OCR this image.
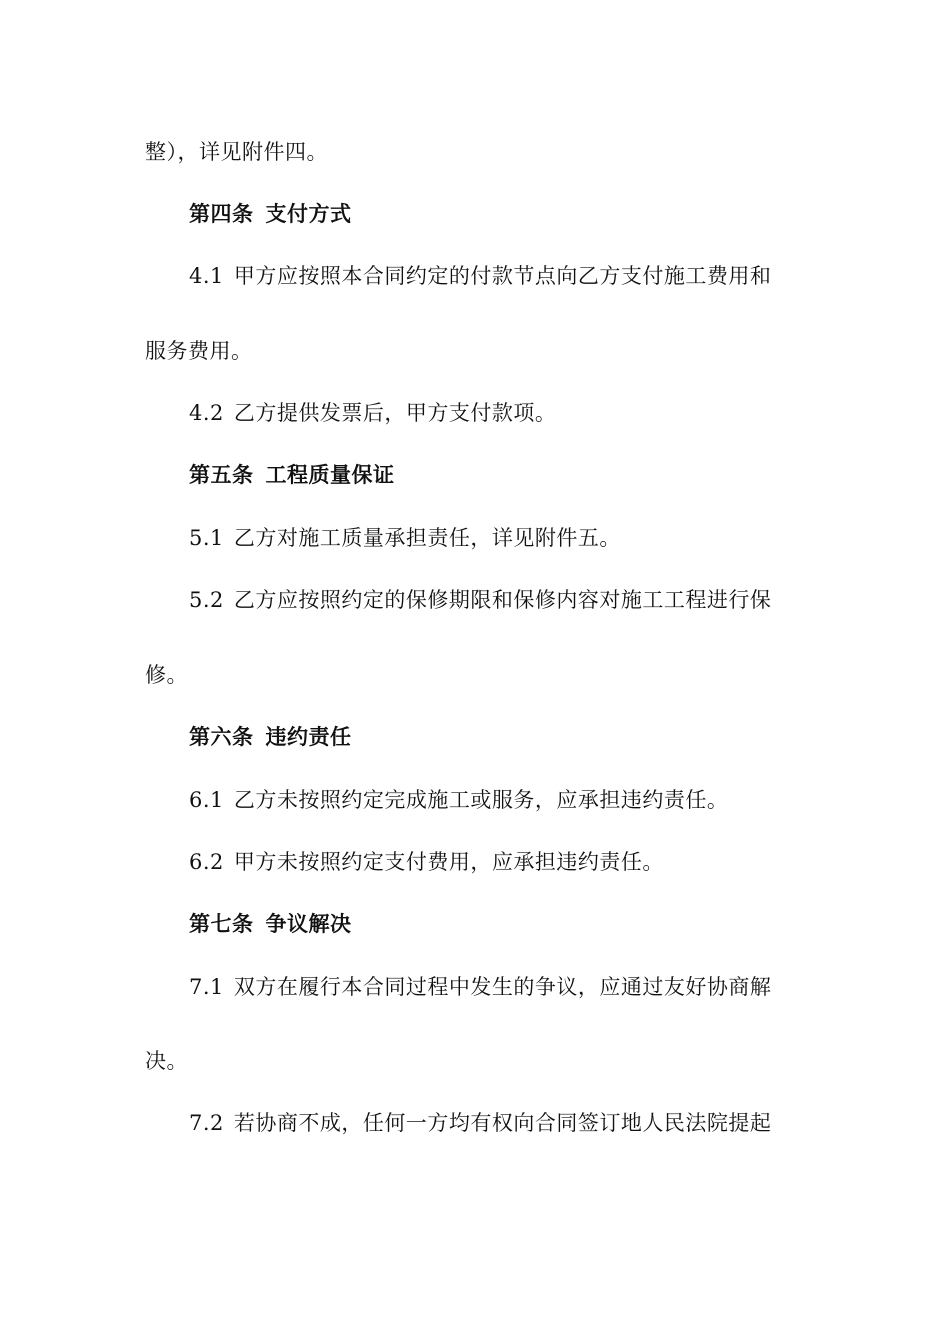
整），详见附件四。
第四条 支付方式
4.1 甲方应按照本合同约定的付款节点向乙方支付施工费用和
服务费用。
4.2 乙方提供发票后，甲方支付款项。
第五条 工程质量保证
5.1 乙方对施工质量承担责任，详见附件五。
5.2 乙方应按照约定的保修期限和保修内容对施工工程进行保
修。
第六条 违约责任
6.1 乙方未按照约定完成施工或服务，应承担违约责任。
6.2 甲方未按照约定支付费用，应承担违约责任。
第七条 争议解决
7.1 双方在履行本合同过程中发生的争议，应通过友好协商解
决。
7.2 若协商不成，任何一方均有权向合同签订地人民法院提起
